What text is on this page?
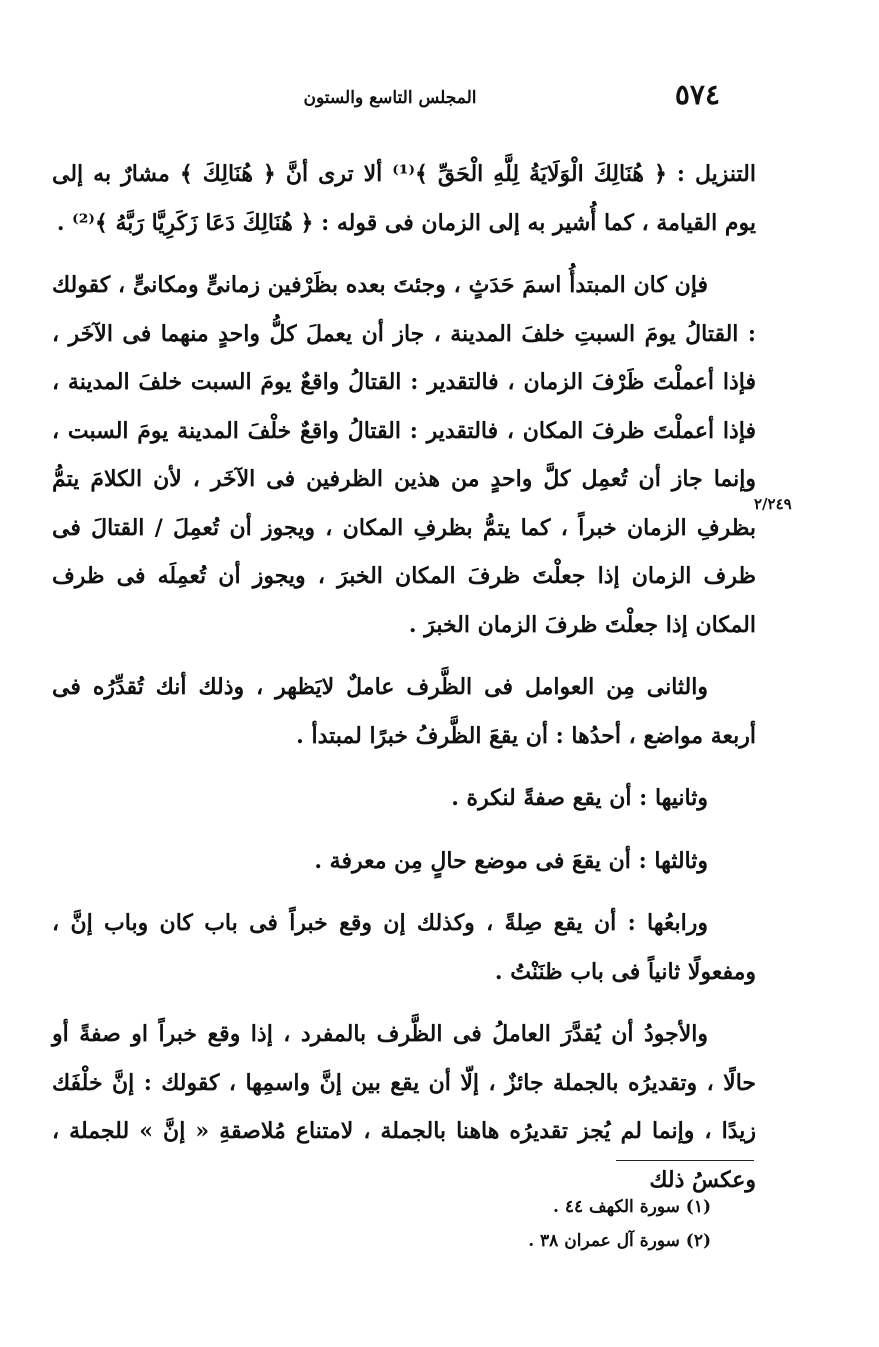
٥٧٤
المجلس التاسع والستون
٢/٢٤٩

التنزيل : ﴿ هُنَالِكَ الْوَلَايَةُ لِلَّهِ الْحَقِّ ﴾⁽¹⁾ ألا ترى أنَّ ﴿ هُنَالِكَ ﴾ مشارٌ به إلى يوم القيامة ، كما أُشير به إلى الزمان فى قوله : ﴿ هُنَالِكَ دَعَا زَكَرِيَّا رَبَّهُ ﴾⁽²⁾ .

فإن كان المبتدأُ اسمَ حَدَثٍ ، وجئتَ بعده بظَرْفين زمانىٍّ ومكانىٍّ ، كقولك : القتالُ يومَ السبتِ خلفَ المدينة ، جاز أن يعملَ كلُّ واحدٍ منهما فى الآخَر ، فإذا أعملْتَ ظَرْفَ الزمان ، فالتقدير : القتالُ واقعٌ يومَ السبت خلفَ المدينة ، فإذا أعملْتَ ظرفَ المكان ، فالتقدير : القتالُ واقعٌ خلْفَ المدينة يومَ السبت ، وإنما جاز أن تُعمِل كلَّ واحدٍ من هذين الظرفين فى الآخَر ، لأن الكلامَ يتمُّ بظرفِ الزمان خبراً ، كما يتمُّ بظرفِ المكان ، ويجوز أن تُعمِلَ / القتالَ فى ظرف الزمان إذا جعلْتَ ظرفَ المكان الخبرَ ، ويجوز أن تُعمِلَه فى ظرف المكان إذا جعلْتَ ظرفَ الزمان الخبرَ .

والثانى مِن العوامل فى الظَّرف عاملٌ لايَظهر ، وذلك أنك تُقدِّرُه فى أربعة مواضع ، أحدُها : أن يقعَ الظَّرفُ خبرًا لمبتدأ .

وثانيها : أن يقع صفةً لنكرة .

وثالثها : أن يقعَ فى موضع حالٍ مِن معرفة .

ورابعُها : أن يقع صِلةً ، وكذلك إن وقع خبراً فى باب كان وباب إنَّ ، ومفعولًا ثانياً فى باب ظنَنْتُ .

والأجودُ أن يُقدَّرَ العاملُ فى الظَّرف بالمفرد ، إذا وقع خبراً او صفةً أو حالًا ، وتقديرُه بالجملة جائزٌ ، إلّا أن يقع بين إنَّ واسمِها ، كقولك : إنَّ خلْفَك زيدًا ، وإنما لم يُجز تقديرُه هاهنا بالجملة ، لامتناع مُلاصقةِ « إنَّ » للجملة ، وعكسُ ذلك

(١) سورة الكهف ٤٤ .

(٢) سورة آل عمران ٣٨ .
